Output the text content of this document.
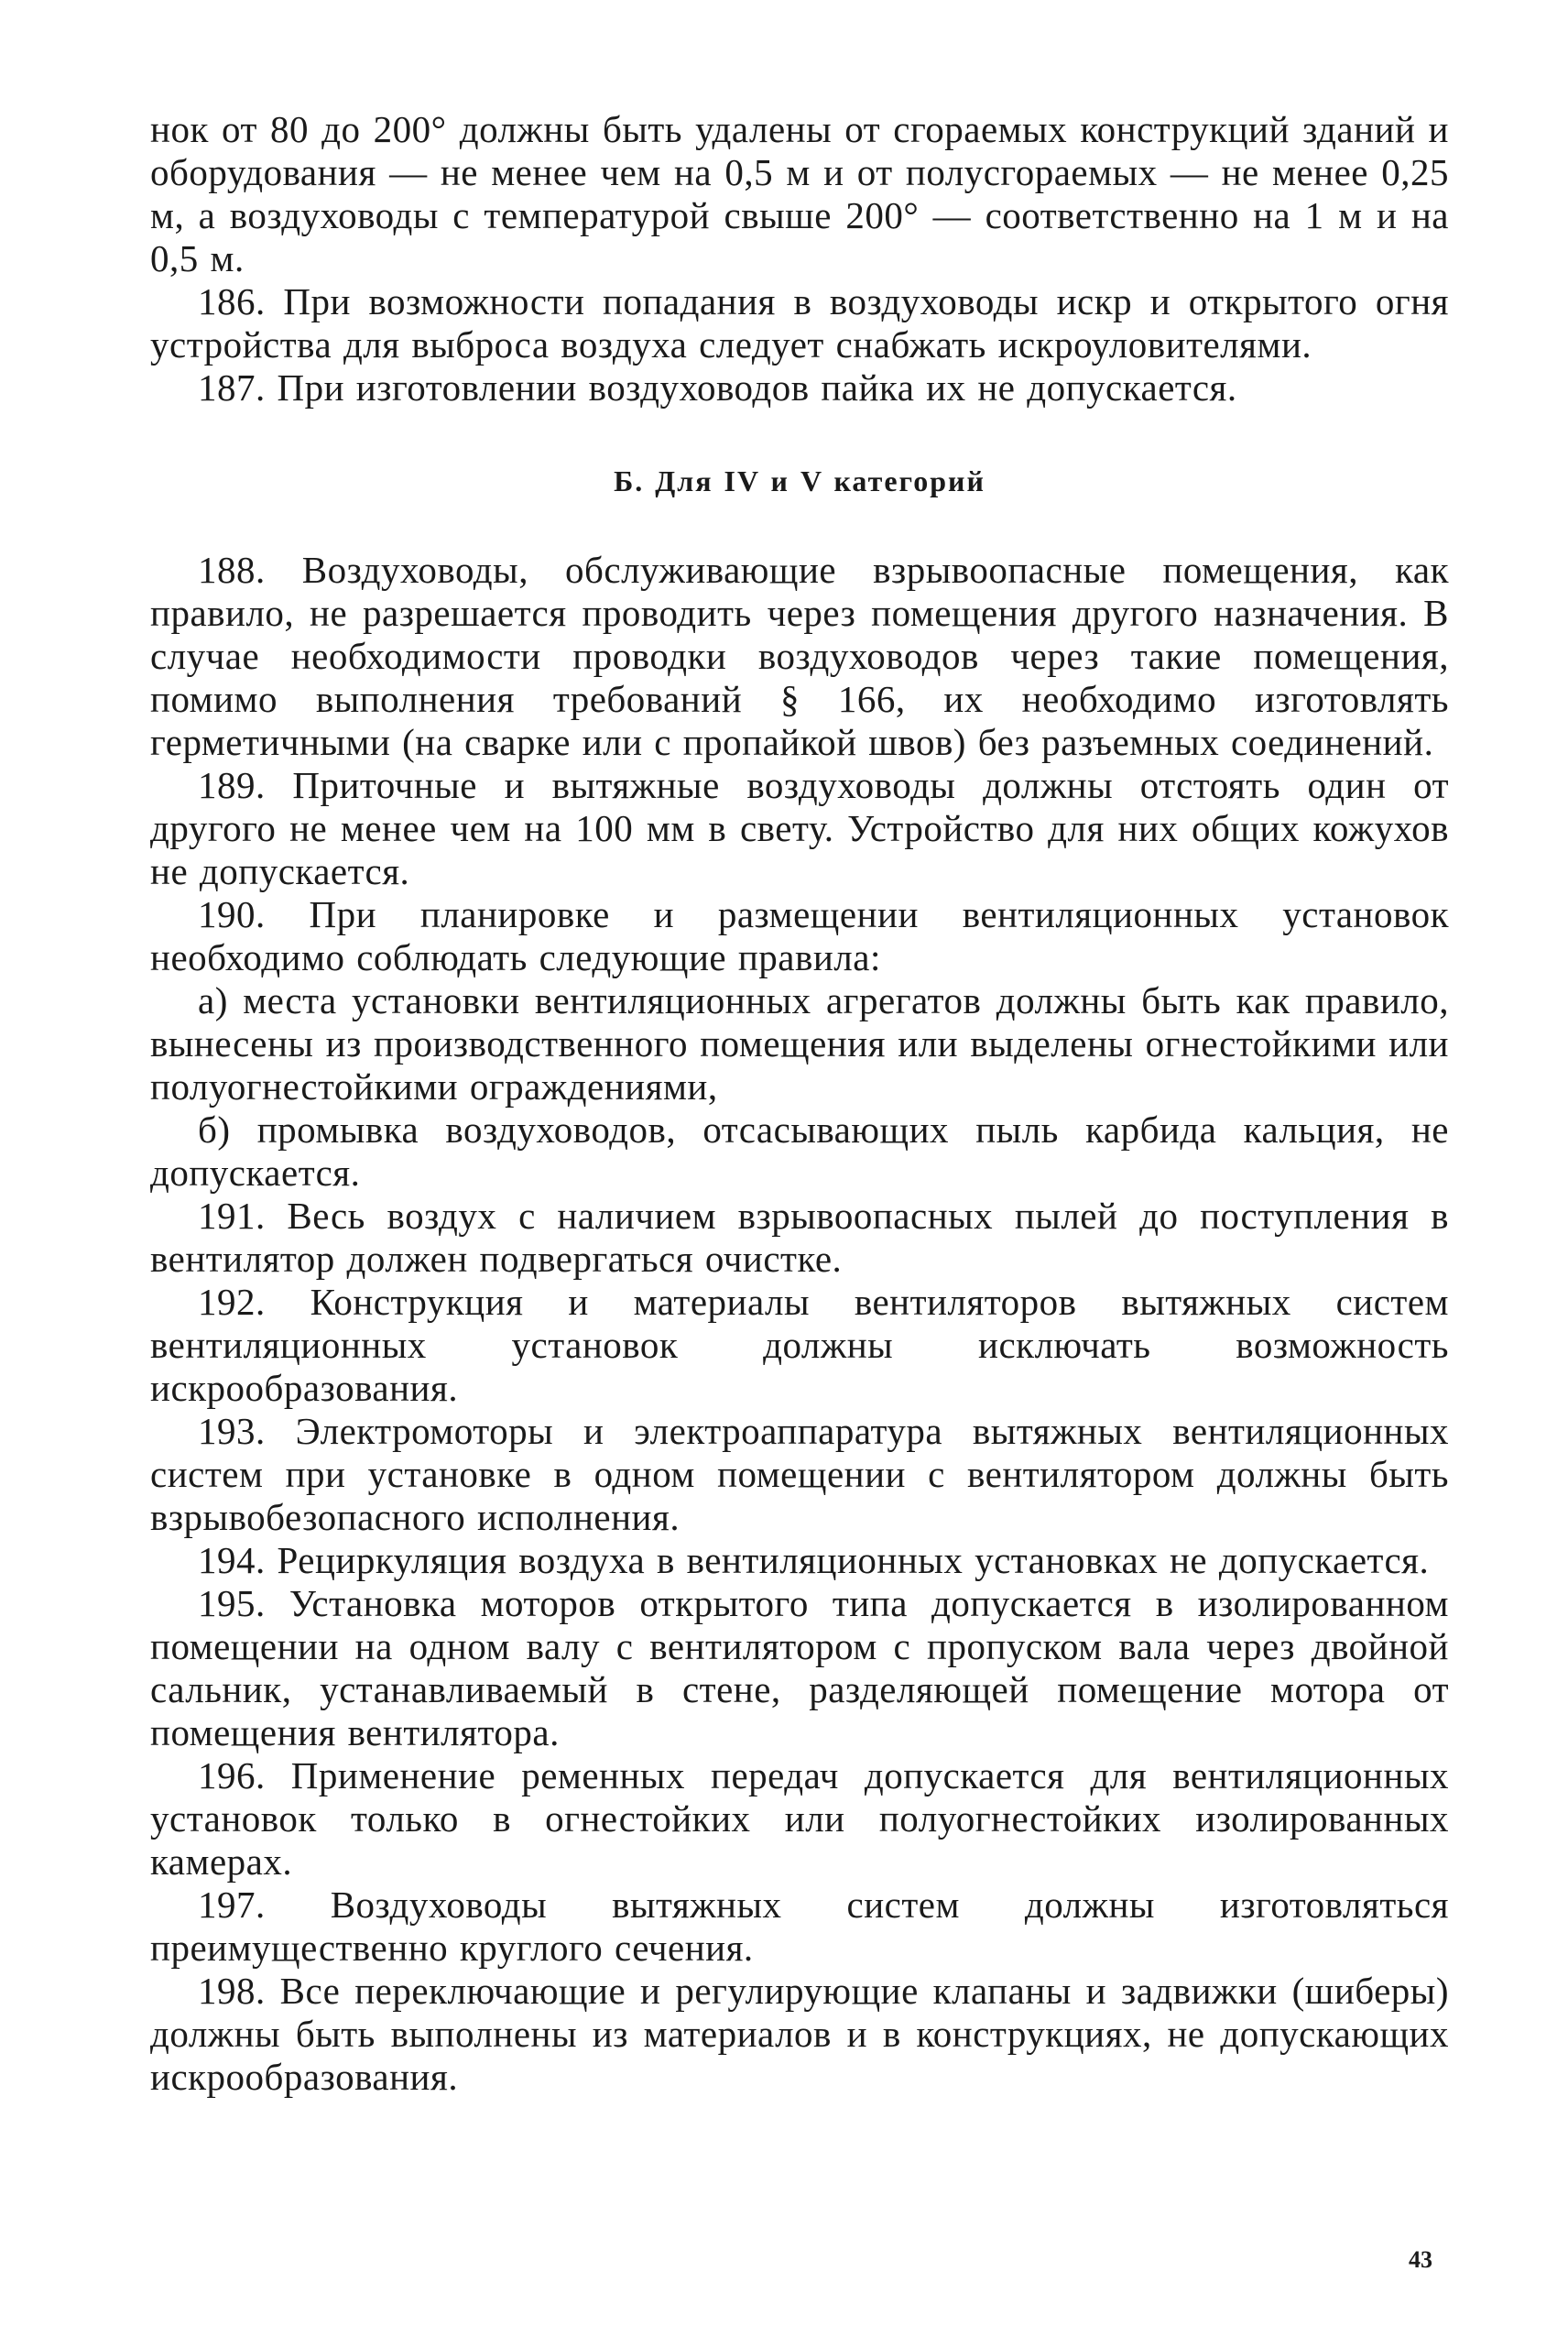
нок от 80 до 200° должны быть удалены от сгораемых конструкций зданий и оборудования — не менее чем на 0,5 м и от полусгораемых — не менее 0,25 м, а воздуховоды с температурой свыше 200° — соответственно на 1 м и на 0,5 м.

186. При возможности попадания в воздуховоды искр и открытого огня устройства для выброса воздуха следует снабжать искроуловителями.

187. При изготовлении воздуховодов пайка их не допускается.

Б. Для IV и V категорий

188. Воздуховоды, обслуживающие взрывоопасные помещения, как правило, не разрешается проводить через помещения другого назначения. В случае необходимости проводки воздуховодов через такие помещения, помимо выполнения требований § 166, их необходимо изготовлять герметичными (на сварке или с пропайкой швов) без разъемных соединений.

189. Приточные и вытяжные воздуховоды должны отстоять один от другого не менее чем на 100 мм в свету. Устройство для них общих кожухов не допускается.

190. При планировке и размещении вентиляционных установок необходимо соблюдать следующие правила:

а) места установки вентиляционных агрегатов должны быть как правило, вынесены из производственного помещения или выделены огнестойкими или полуогнестойкими ограждениями,

б) промывка воздуховодов, отсасывающих пыль карбида кальция, не допускается.

191. Весь воздух с наличием взрывоопасных пылей до поступления в вентилятор должен подвергаться очистке.

192. Конструкция и материалы вентиляторов вытяжных систем вентиляционных установок должны исключать возможность искрообразования.

193. Электромоторы и электроаппаратура вытяжных вентиляционных систем при установке в одном помещении с вентилятором должны быть взрывобезопасного исполнения.

194. Рециркуляция воздуха в вентиляционных установках не допускается.

195. Установка моторов открытого типа допускается в изолированном помещении на одном валу с вентилятором с пропуском вала через двойной сальник, устанавливаемый в стене, разделяющей помещение мотора от помещения вентилятора.

196. Применение ременных передач допускается для вентиляционных установок только в огнестойких или полуогнестойких изолированных камерах.

197. Воздуховоды вытяжных систем должны изготовляться преимущественно круглого сечения.

198. Все переключающие и регулирующие клапаны и задвижки (шиберы) должны быть выполнены из материалов и в конструкциях, не допускающих искрообразования.

43
